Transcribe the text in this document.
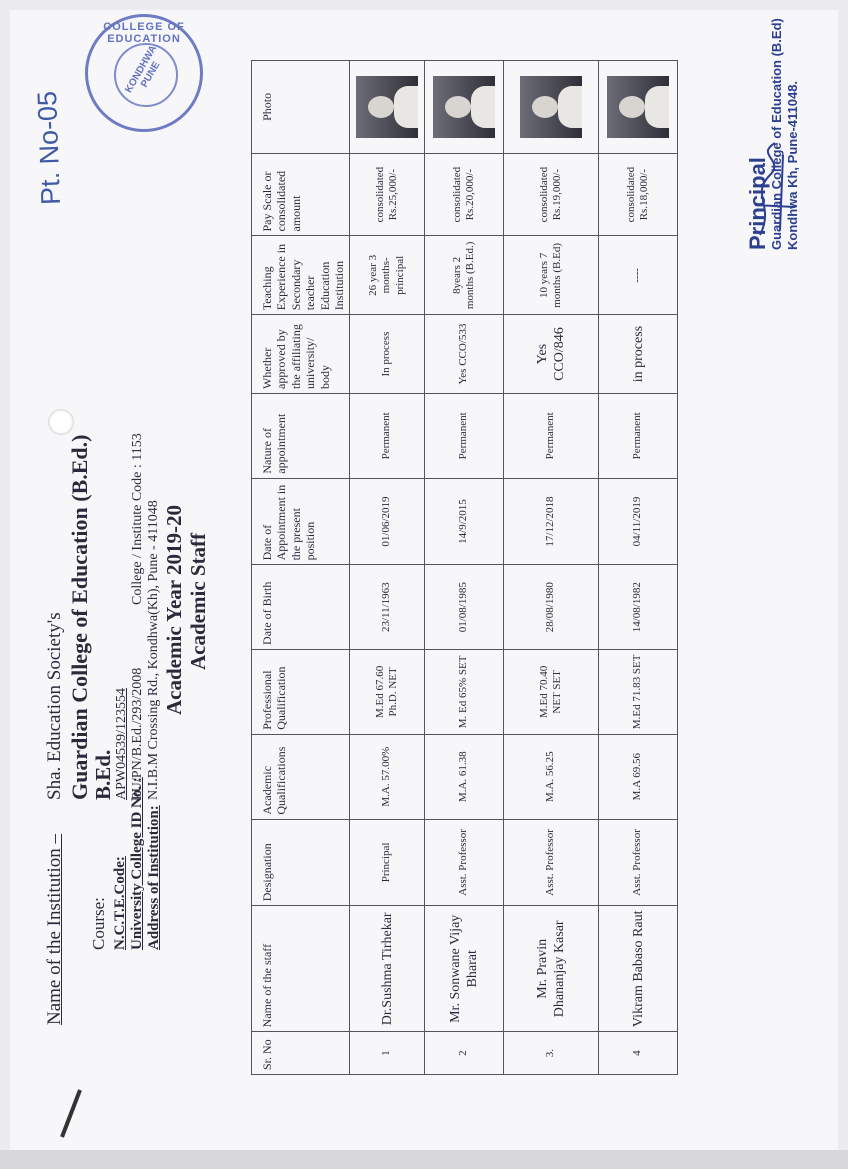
Name of the Institution –
Sha. Education Society's Guardian College of Education (B.Ed.) B.Ed.
Course: N.C.T.E.Code:
APW04539/123554
University College ID No. :
PU/PN/B.Ed./293/2008
College / Institute Code : 1153
Address of Institution:
N.I.B.M Crossing Rd., Kondhwa(Kh), Pune - 411048 Academic Year 2019-20 Academic Staff
Pt. No-05
Sr. No	Name of the staff	Designation	Academic Qualifications	Professional Qualification	Date of Birth	Date of Appointment in the present position	Nature of appointment	Whether approved by the affiliating university/ body	Teaching Experience in Secondary teacher Education Institution	Pay Scale or consolidated amount	Photo
1	Dr.Sushma Tirhekar	Principal	M.A. 57.00%	M.Ed 67.60 Ph.D. NET	23/11/1963	01/06/2019	Permanent	In process	26 year 3 months- principal	consolidated Rs.25,000/-	

2	Mr. Sonwane Vijay Bharat	Asst. Professor	M.A. 61.38	M. Ed 65% SET	01/08/1985	14/9/2015	Permanent	Yes CCO/533	8years 2 months (B.Ed.)	consolidated Rs.20,000/-	

3.	Mr. Pravin Dhananjay Kasar	Asst. Professor	M.A. 56.25	M.Ed 70.40 NET SET	28/08/1980	17/12/2018	Permanent	Yes CCO/846	10 years 7 months (B.Ed)	consolidated Rs.19,000/-	

4	Vikram Babaso Raut	Asst. Professor	M.A 69.56	M.Ed 71.83 SET	14/08/1982	04/11/2019	Permanent	in process	----	consolidated Rs.18,000/-	
COLLEGE OF EDUCATION
KONDHWA PUNE
Principal Guardian College of Education (B.Ed) Kondhwa Kh, Pune-411048.
